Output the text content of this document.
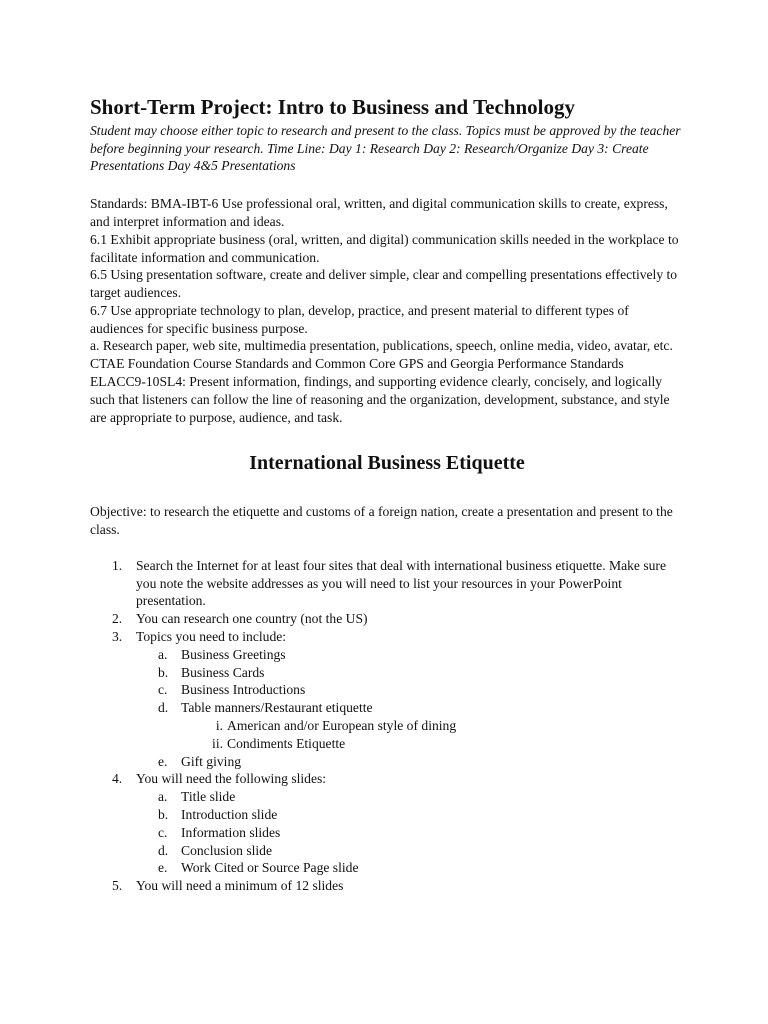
Short-Term Project: Intro to Business and Technology

Student may choose either topic to research and present to the class. Topics must be approved by the teacher before beginning your research. Time Line: Day 1: Research Day 2: Research/Organize Day 3: Create Presentations Day 4&5 Presentations

Standards: BMA-IBT-6 Use professional oral, written, and digital communication skills to create, express, and interpret information and ideas.

6.1 Exhibit appropriate business (oral, written, and digital) communication skills needed in the workplace to facilitate information and communication.

6.5 Using presentation software, create and deliver simple, clear and compelling presentations effectively to target audiences.

6.7 Use appropriate technology to plan, develop, practice, and present material to different types of audiences for specific business purpose.

a. Research paper, web site, multimedia presentation, publications, speech, online media, video, avatar, etc.

CTAE Foundation Course Standards and Common Core GPS and Georgia Performance Standards

ELACC9-10SL4: Present information, findings, and supporting evidence clearly, concisely, and logically such that listeners can follow the line of reasoning and the organization, development, substance, and style are appropriate to purpose, audience, and task.

International Business Etiquette

Objective: to research the etiquette and customs of a foreign nation, create a presentation and present to the class.

1. Search the Internet for at least four sites that deal with international business etiquette. Make sure you note the website addresses as you will need to list your resources in your PowerPoint presentation.
2. You can research one country (not the US)
3. Topics you need to include:
a. Business Greetings
b. Business Cards
c. Business Introductions
d. Table manners/Restaurant etiquette
i. American and/or European style of dining
ii. Condiments Etiquette
e. Gift giving
4. You will need the following slides:
a. Title slide
b. Introduction slide
c. Information slides
d. Conclusion slide
e. Work Cited or Source Page slide
5. You will need a minimum of 12 slides
